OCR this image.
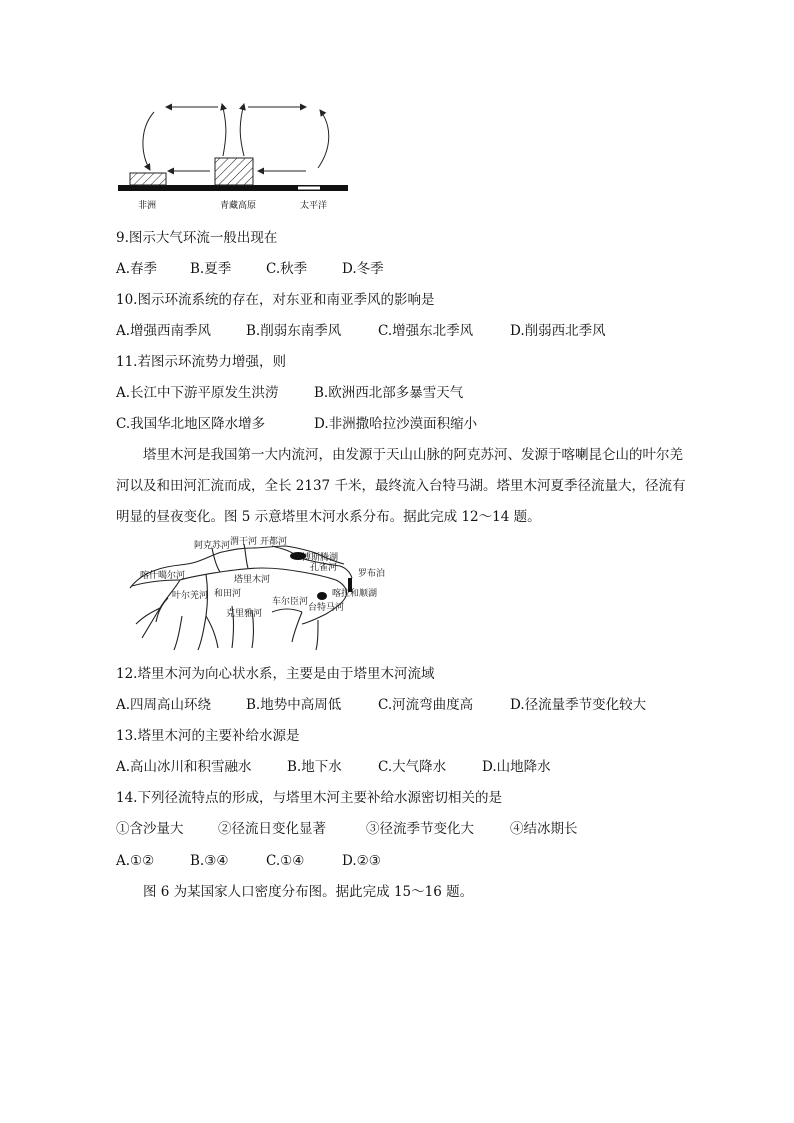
非洲	青藏高原	太平洋
9.图示大气环流一般出现在
A.春季 B.夏季	C.秋季	D.冬季
10.图示环流系统的存在，对东亚和南亚季风的影响是
A.增强西南季风	B.削弱东南季风	C.增强东北季风	D.削弱西北季风
11.若图示环流势力增强，则
A.长江中下游平原发生洪涝	B.欧洲西北部多暴雪天气
C.我国华北地区降水增多	D.非洲撒哈拉沙漠面积缩小
塔里木河是我国第一大内流河，由发源于天山山脉的阿克苏河、发源于喀喇昆仑山的叶尔羌河以及和田河汇流而成，全长 2137 千米，最终流入台特马湖。塔里木河夏季径流量大，径流有明显的昼夜变化。图 5 示意塔里木河水系分布。据此完成 12～14 题。
阿克苏河 渭干河 开都河
博斯腾湖
孔雀河
罗布泊
喀什噶尔河	塔里木河
叶尔羌河 和田河
克里雅河
车尔臣河
喀拉和顺湖
台特马河
12.塔里木河为向心状水系，主要是由于塔里木河流域
A.四周高山环绕	B.地势中高周低	C.河流弯曲度高	D.径流量季节变化较大
13.塔里木河的主要补给水源是
A.高山冰川和积雪融水	B.地下水	C.大气降水	D.山地降水
14.下列径流特点的形成，与塔里木河主要补给水源密切相关的是
①含沙量大	②径流日变化显著	③径流季节变化大	④结冰期长
A.①②	B.③④	C.①④	D.②③
图 6 为某国家人口密度分布图。据此完成 15～16 题。
